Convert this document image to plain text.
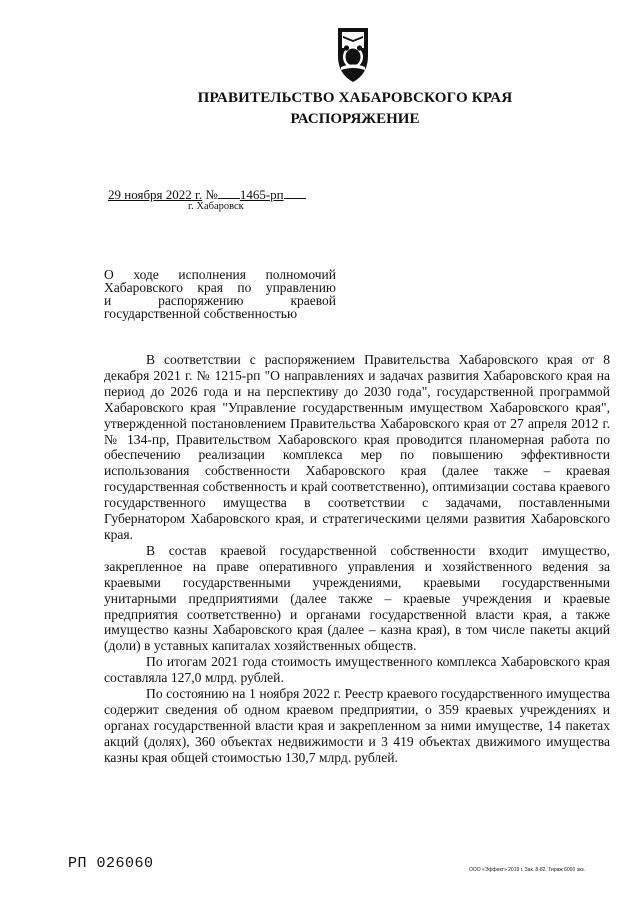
ПРАВИТЕЛЬСТВО ХАБАРОВСКОГО КРАЯ
РАСПОРЯЖЕНИЕ
29 ноября 2022 г. № 1465-рп
г. Хабаровск
О ходе исполнения полномочий
Хабаровского края по управлению
и распоряжению краевой
государственной собственностью

В соответствии с распоряжением Правительства Хабаровского края от 8 декабря 2021 г. № 1215-рп "О направлениях и задачах развития Хабаровского края на период до 2026 года и на перспективу до 2030 года", государственной программой Хабаровского края "Управление государственным имуществом Хабаровского края", утвержденной постановлением Правительства Хабаровского края от 27 апреля 2012 г. № 134-пр, Правительством Хабаровского края проводится планомерная работа по обеспечению реализации комплекса мер по повышению эффективности использования собственности Хабаровского края (далее также – краевая государственная собственность и край соответственно), оптимизации состава краевого государственного имущества в соответствии с задачами, поставленными Губернатором Хабаровского края, и стратегическими целями развития Хабаровского края.

В состав краевой государственной собственности входит имущество, закрепленное на праве оперативного управления и хозяйственного ведения за краевыми государственными учреждениями, краевыми государственными унитарными предприятиями (далее также – краевые учреждения и краевые предприятия соответственно) и органами государственной власти края, а также имущество казны Хабаровского края (далее – казна края), в том числе пакеты акций (доли) в уставных капиталах хозяйственных обществ.

По итогам 2021 года стоимость имущественного комплекса Хабаровского края составляла 127,0 млрд. рублей.

По состоянию на 1 ноября 2022 г. Реестр краевого государственного имущества содержит сведения об одном краевом предприятии, о 359 краевых учреждениях и органах государственной власти края и закрепленном за ними имуществе, 14 пакетах акций (долях), 360 объектах недвижимости и 3 419 объектах движимого имущества казны края общей стоимостью 130,7 млрд. рублей.

РП 026060	ООО «Эффект» 2019 г. Зак. 8-82. Тираж 6000 экз.
